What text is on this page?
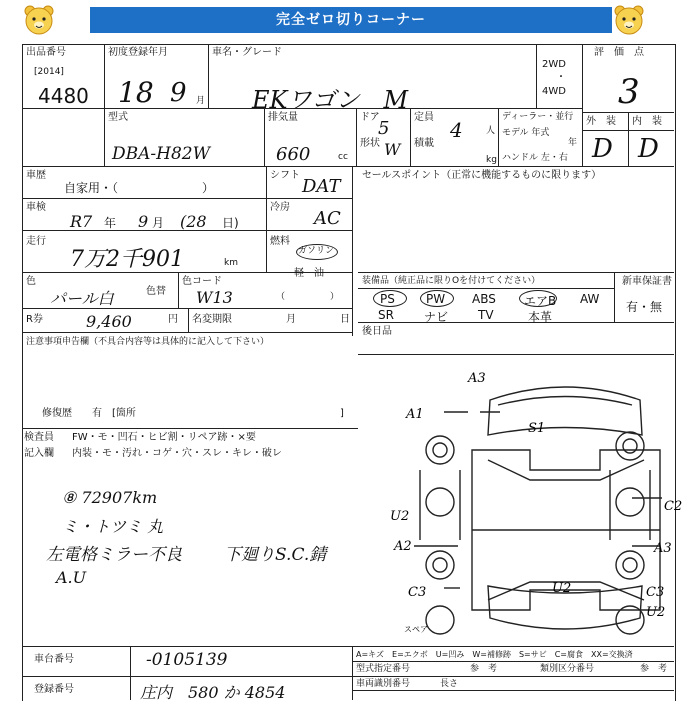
完全ゼロ切りコーナー
出品番号
[2014]
4480
初度登録年月
18 9 月
車名・グレード
EKワゴン　M
2WD
・
4WD
評　価　点
3
型式
DBA-H82W
排気量
660	cc
ドア
5
形状 W
定員
4	人
積載
kg
ディーラー・並行
モデル 年式
年
ハンドル 左・右
外　装 内　装
D D
車歴
自家用・（　　　　　　　）
シフト
DAT
車検
R7 年 9 月 (28 日)
冷房
AC
走行
7万2千901	km
燃料
ガソリン
軽　油
（　　　　　）
色
パール白	色替
色コード
W13
R券	9,460	円 名変期限	月	日
注意事項申告欄（不具合内容等は具体的に記入して下さい）
修復歴　　有　[箇所	]
検査員 FW・モ・凹石・ヒビ割・リペア跡・×要
記入欄 内装・モ・汚れ・コゲ・穴・スレ・キレ・破レ
⑧ 72907km
ミ・トツミ 丸
左電格ミラー不良 下廻りS.C.錆
A.U
セールスポイント（正常に機能するものに限ります）
装備品（純正品に限りOを付けてください）	新車保証書
有・無
PS	PW ABS エアB AW
SR	ナビ TV	本革
後日品
A3
A1
S1
U2
A2
C2
A3
C3	U2	C3
U2
スペア
車台番号	-0105139
登録番号	庄内　580 か 4854
A=キズ　E=エクボ　U=凹み　W=補修跡　S=サビ　C=腐食　XX=交換済
型式指定番号	参　考	類別区分番号	参　考
車両識別番号	長さ
